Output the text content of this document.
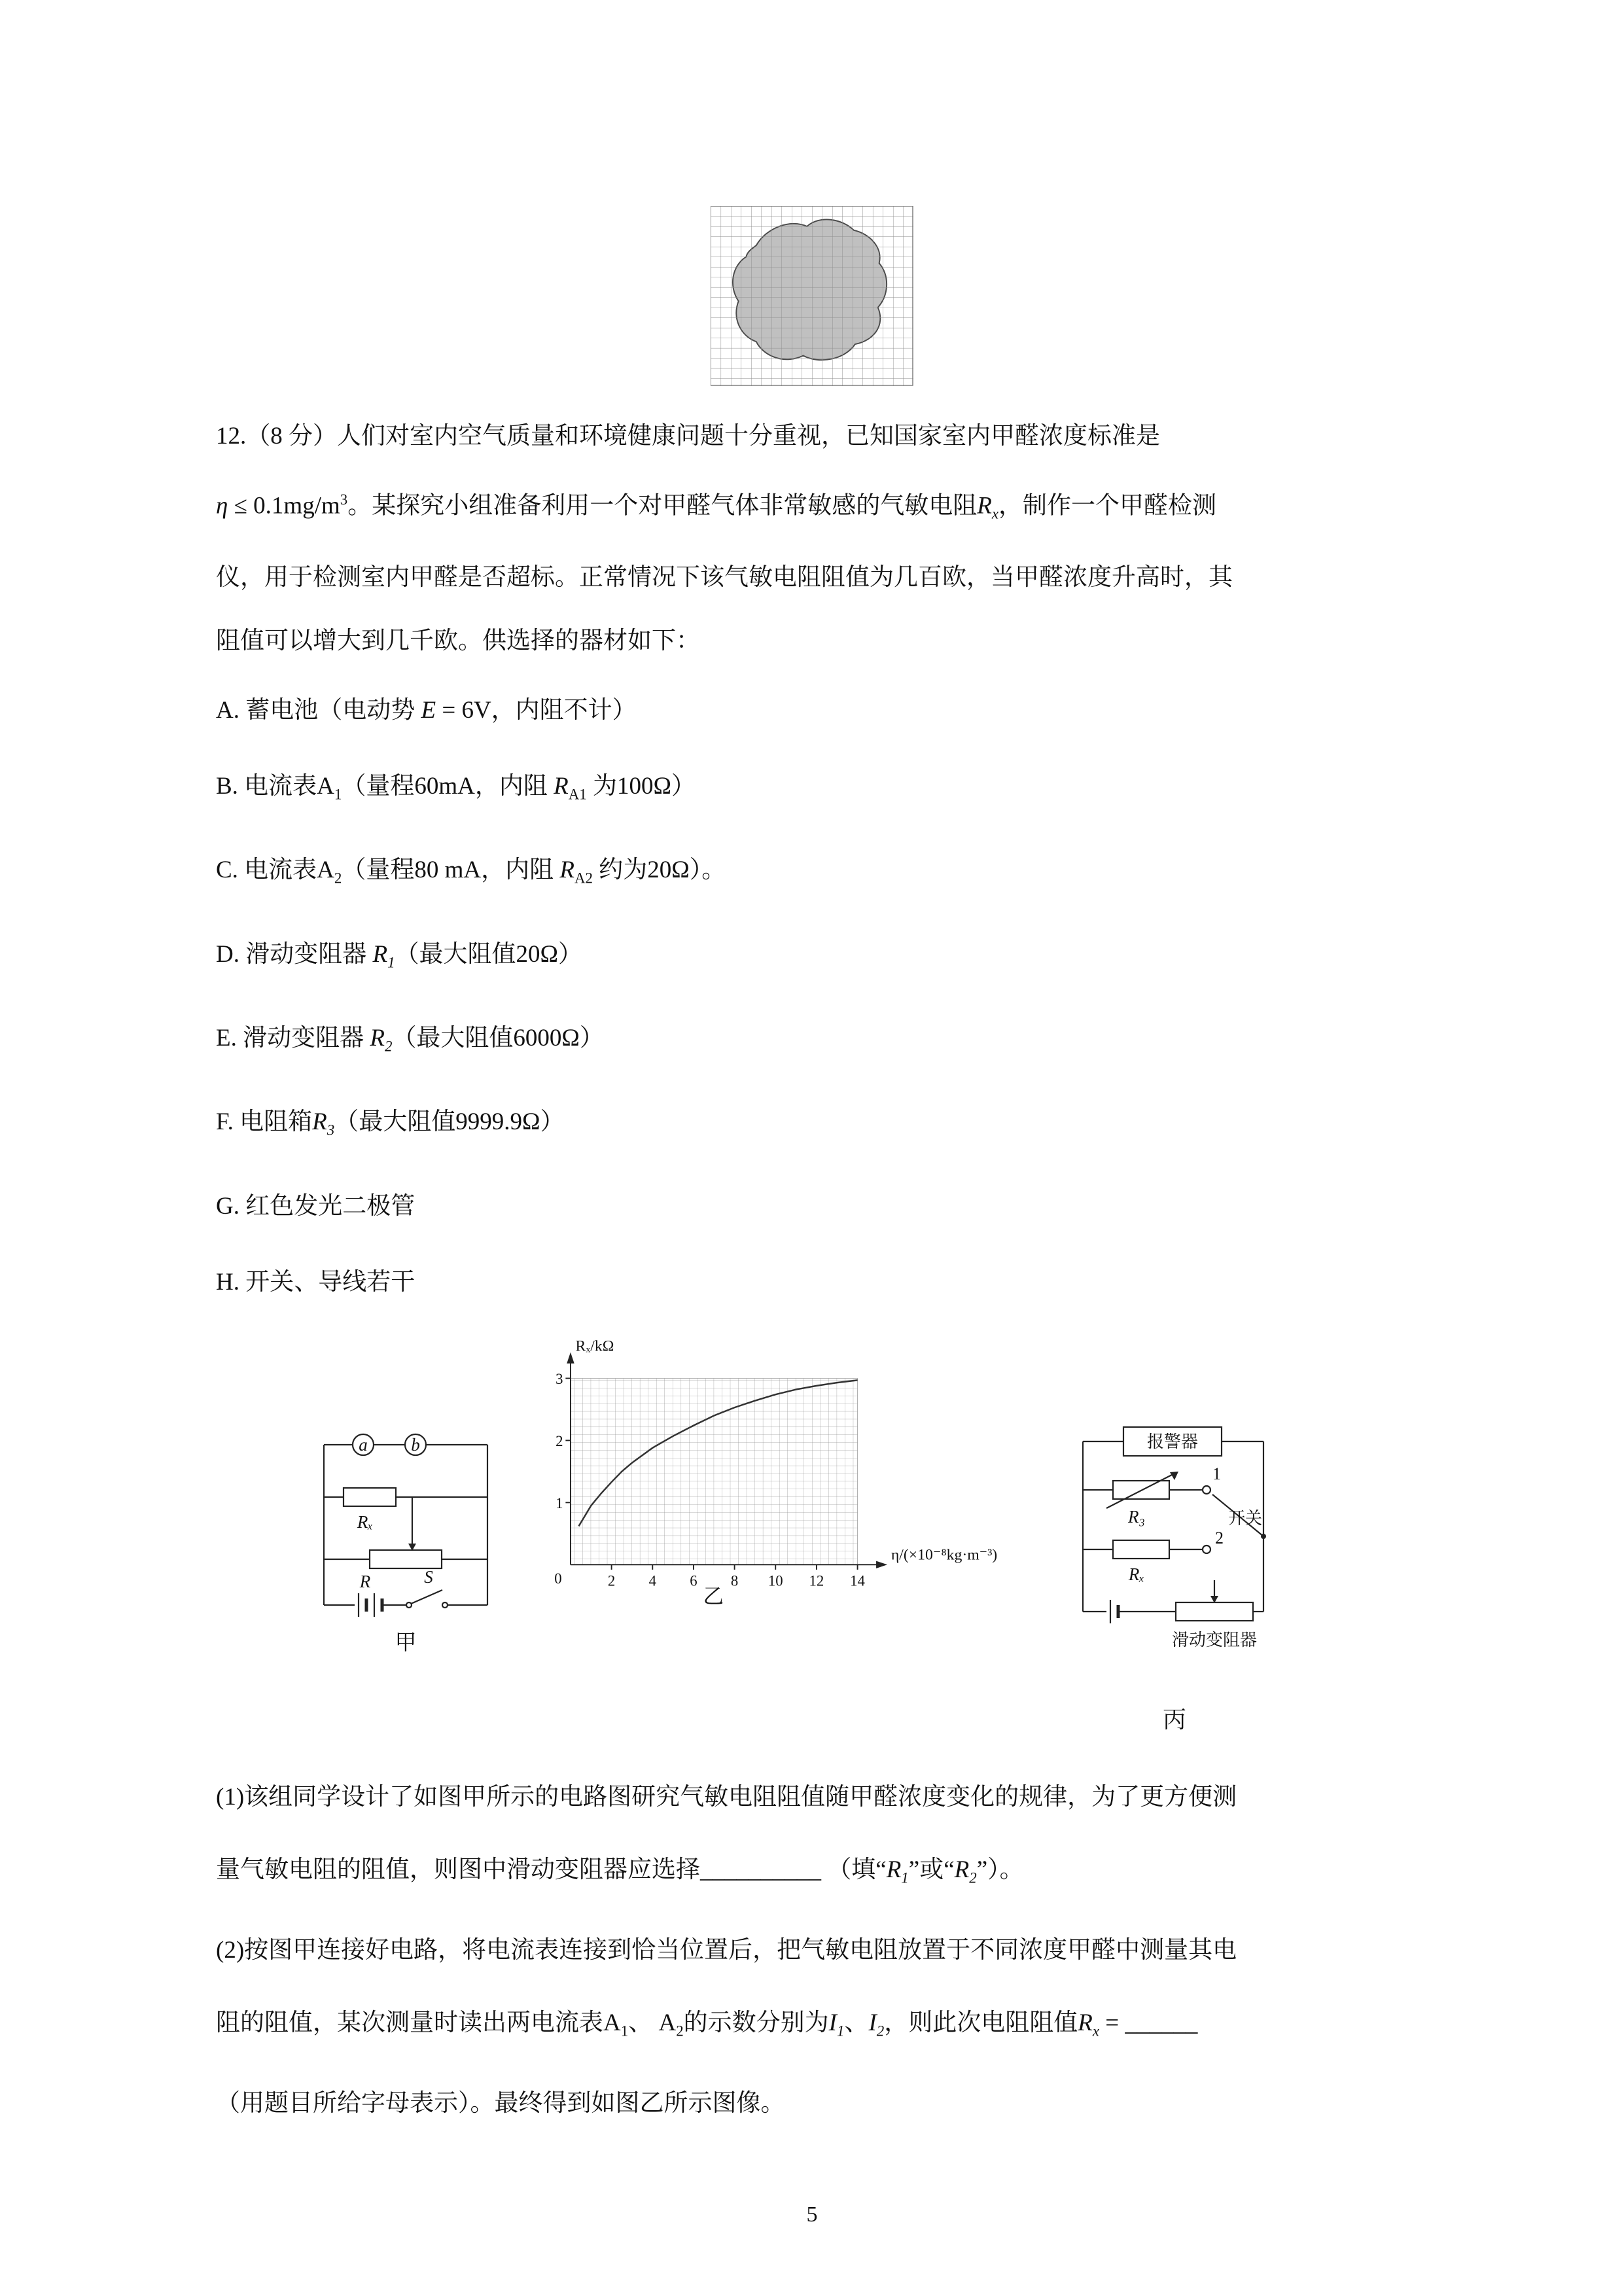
12.（8 分）人们对室内空气质量和环境健康问题十分重视，已知国家室内甲醛浓度标准是

$\eta \le 0.1mg/m^3$。某探究小组准备利用一个对甲醛气体非常敏感的气敏电阻$R_x$，制作一个甲醛检测

仪，用于检测室内甲醛是否超标。正常情况下该气敏电阻阻值为几百欧，当甲醛浓度升高时，其

阻值可以增大到几千欧。供选择的器材如下：

A. 蓄电池（电动势 E = 6V，内阻不计）

B. 电流表$A_1$（量程60mA，内阻 $R_{A1}$ 为100Ω）

C. 电流表$A_2$（量程80 mA，内阻 $R_{A2}$ 约为20Ω）。

D. 滑动变阻器 $R_1$（最大阻值20Ω）

E. 滑动变阻器 $R_2$（最大阻值6000Ω）

F. 电阻箱$R_3$（最大阻值9999.9Ω）

G. 红色发光二极管

H. 开关、导线若干

a b
Rₓ
R	S
甲
2 4 6 8 10 12 14
1
2
3
0
Rₓ/kΩ
η/(×10⁻⁸kg·m⁻³)
乙
报警器
R₃
1
开关
Rₓ
2
滑动变阻器
丙

(1)该组同学设计了如图甲所示的电路图研究气敏电阻阻值随甲醛浓度变化的规律，为了更方便测

量气敏电阻的阻值，则图中滑动变阻器应选择__________ （填“$R_1$”或“$R_2$”）。

(2)按图甲连接好电路，将电流表连接到恰当位置后，把气敏电阻放置于不同浓度甲醛中测量其电

阻的阻值，某次测量时读出两电流表$A_1$、 $A_2$的示数分别为$I_1$、$I_2$，则此次电阻阻值$R_x$ = ______

（用题目所给字母表示）。最终得到如图乙所示图像。

5
